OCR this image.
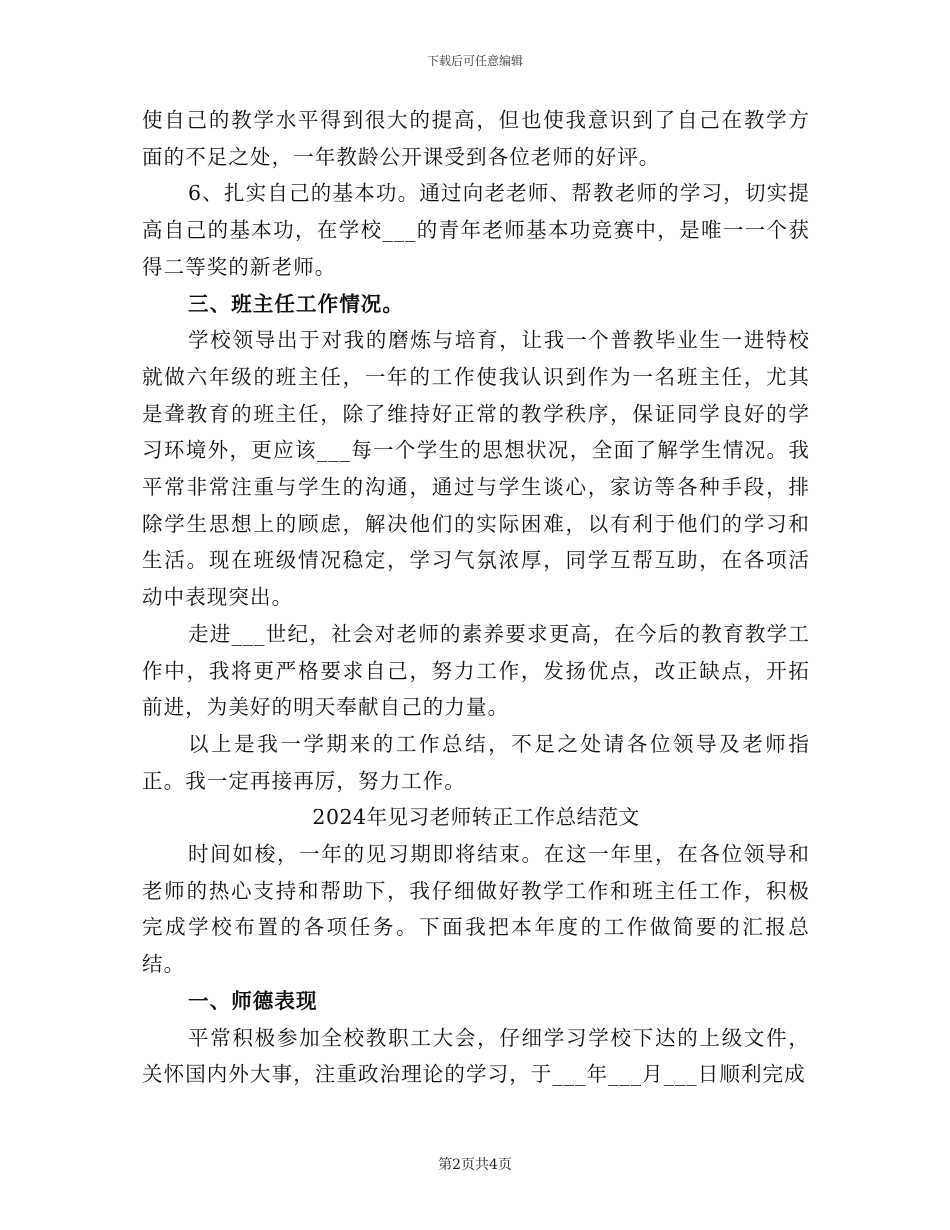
下载后可任意编辑

使自己的教学水平得到很大的提高，但也使我意识到了自己在教学方面的不足之处，一年教龄公开课受到各位老师的好评。

6、扎实自己的基本功。通过向老老师、帮教老师的学习，切实提高自己的基本功，在学校___的青年老师基本功竞赛中，是唯一一个获得二等奖的新老师。

三、班主任工作情况。

学校领导出于对我的磨炼与培育，让我一个普教毕业生一进特校就做六年级的班主任，一年的工作使我认识到作为一名班主任，尤其是聋教育的班主任，除了维持好正常的教学秩序，保证同学良好的学习环境外，更应该___每一个学生的思想状况，全面了解学生情况。我平常非常注重与学生的沟通，通过与学生谈心，家访等各种手段，排除学生思想上的顾虑，解决他们的实际困难，以有利于他们的学习和生活。现在班级情况稳定，学习气氛浓厚，同学互帮互助，在各项活动中表现突出。

走进___世纪，社会对老师的素养要求更高，在今后的教育教学工作中，我将更严格要求自己，努力工作，发扬优点，改正缺点，开拓前进，为美好的明天奉献自己的力量。

以上是我一学期来的工作总结，不足之处请各位领导及老师指正。我一定再接再厉，努力工作。

2024年见习老师转正工作总结范文

时间如梭，一年的见习期即将结束。在这一年里，在各位领导和老师的热心支持和帮助下，我仔细做好教学工作和班主任工作，积极完成学校布置的各项任务。下面我把本年度的工作做简要的汇报总结。

一、师德表现

平常积极参加全校教职工大会，仔细学习学校下达的上级文件，关怀国内外大事，注重政治理论的学习，于___年___月___日顺利完成

第2页共4页
